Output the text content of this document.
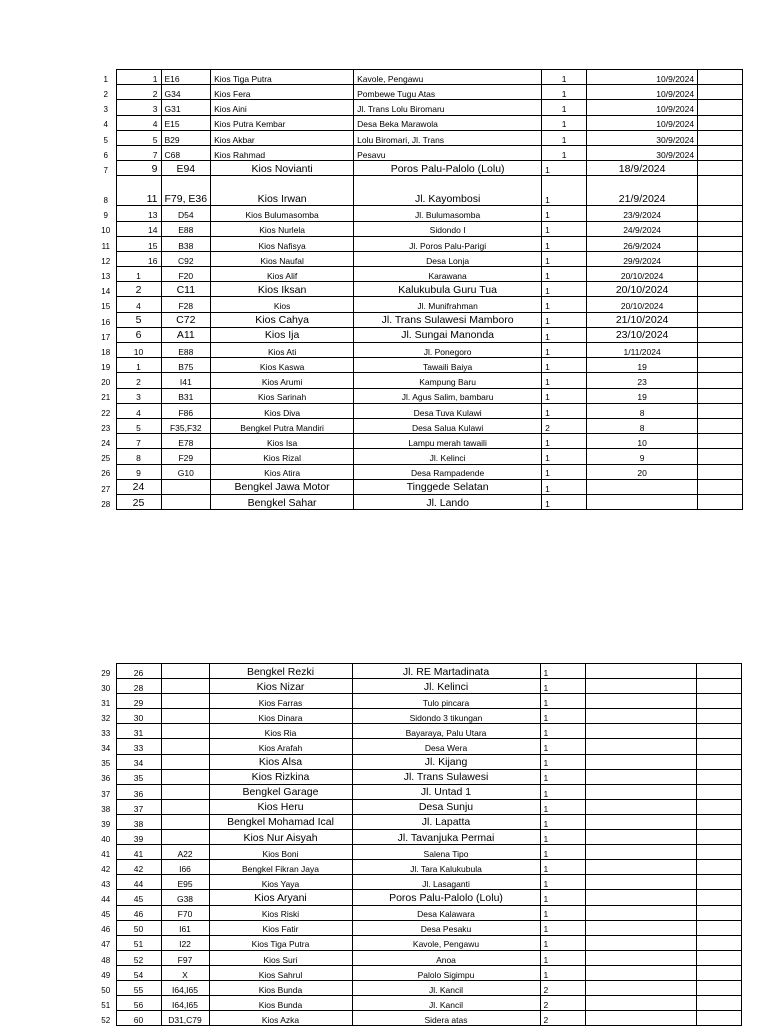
1	1	E16	Kios Tiga Putra	Kavole, Pengawu	1	10/9/2024	
2	2	G34	Kios Fera	Pombewe Tugu Atas	1	10/9/2024	
3	3	G31	Kios Aini	Jl. Trans Lolu Biromaru	1	10/9/2024	
4	4	E15	Kios Putra Kembar	Desa Beka Marawola	1	10/9/2024	
5	5	B29	Kios Akbar	Lolu Biromari, Jl. Trans	1	30/9/2024	
6	7	C68	Kios Rahmad	Pesavu	1	30/9/2024	
7	9	E94	Kios Novianti	Poros Palu-Palolo (Lolu)	1	18/9/2024	
8	11	F79, E36	Kios Irwan	Jl. Kayombosi	1	21/9/2024	
9	13	D54	Kios Bulumasomba	Jl. Bulumasomba	1	23/9/2024	
10	14	E88	Kios Nurlela	Sidondo I	1	24/9/2024	
11	15	B38	Kios Nafisya	Jl. Poros Palu-Parigi	1	26/9/2024	
12	16	C92	Kios Naufal	Desa Lonja	1	29/9/2024	
13	1	F20	Kios Alif	Karawana	1	20/10/2024	
14	2	C11	Kios Iksan	Kalukubula Guru Tua	1	20/10/2024	
15	4	F28	Kios	Jl. Munifrahman	1	20/10/2024	
16	5	C72	Kios Cahya	Jl. Trans Sulawesi Mamboro	1	21/10/2024	
17	6	A11	Kios Ija	Jl. Sungai Manonda	1	23/10/2024	
18	10	E88	Kios Ati	Jl. Ponegoro	1	1/11/2024	
19	1	B75	Kios Kaswa	Tawaili Baiya	1	19	
20	2	I41	Kios Arumi	Kampung Baru	1	23	
21	3	B31	Kios Sarinah	Jl. Agus Salim, bambaru	1	19	
22	4	F86	Kios Diva	Desa Tuva Kulawi	1	8	
23	5	F35,F32	Bengkel Putra Mandiri	Desa Salua Kulawi	2	8	
24	7	E78	Kios Isa	Lampu merah tawaili	1	10	
25	8	F29	Kios Rizal	Jl. Kelinci	1	9	
26	9	G10	Kios Atira	Desa Rampadende	1	20	
27	24		Bengkel Jawa Motor	Tinggede Selatan	1		
28	25		Bengkel Sahar	Jl. Lando	1		
29	26		Bengkel Rezki	Jl. RE Martadinata	1		
30	28		Kios Nizar	Jl. Kelinci	1		
31	29		Kios Farras	Tulo pincara	1		
32	30		Kios Dinara	Sidondo 3 tikungan	1		
33	31		Kios Ria	Bayaraya, Palu Utara	1		
34	33		Kios Arafah	Desa Wera	1		
35	34		Kios Alsa	Jl. Kijang	1		
36	35		Kios Rizkina	Jl. Trans Sulawesi	1		
37	36		Bengkel Garage	Jl. Untad 1	1		
38	37		Kios Heru	Desa Sunju	1		
39	38		Bengkel Mohamad Ical	Jl. Lapatta	1		
40	39		Kios Nur Aisyah	Jl. Tavanjuka Permai	1		
41	41	A22	Kios Boni	Salena Tipo	1		
42	42	I66	Bengkel Fikran Jaya	Jl. Tara Kalukubula	1		
43	44	E95	Kios Yaya	Jl. Lasaganti	1		
44	45	G38	Kios Aryani	Poros Palu-Palolo (Lolu)	1		
45	46	F70	Kios Riski	Desa Kalawara	1		
46	50	I61	Kios Fatir	Desa Pesaku	1		
47	51	I22	Kios Tiga Putra	Kavole, Pengawu	1		
48	52	F97	Kios Suri	Anoa	1		
49	54	X	Kios Sahrul	Palolo Sigimpu	1		
50	55	I64,I65	Kios Bunda	Jl. Kancil	2		
51	56	I64,I65	Kios Bunda	Jl. Kancil	2		
52	60	D31,C79	Kios Azka	Sidera atas	2		
